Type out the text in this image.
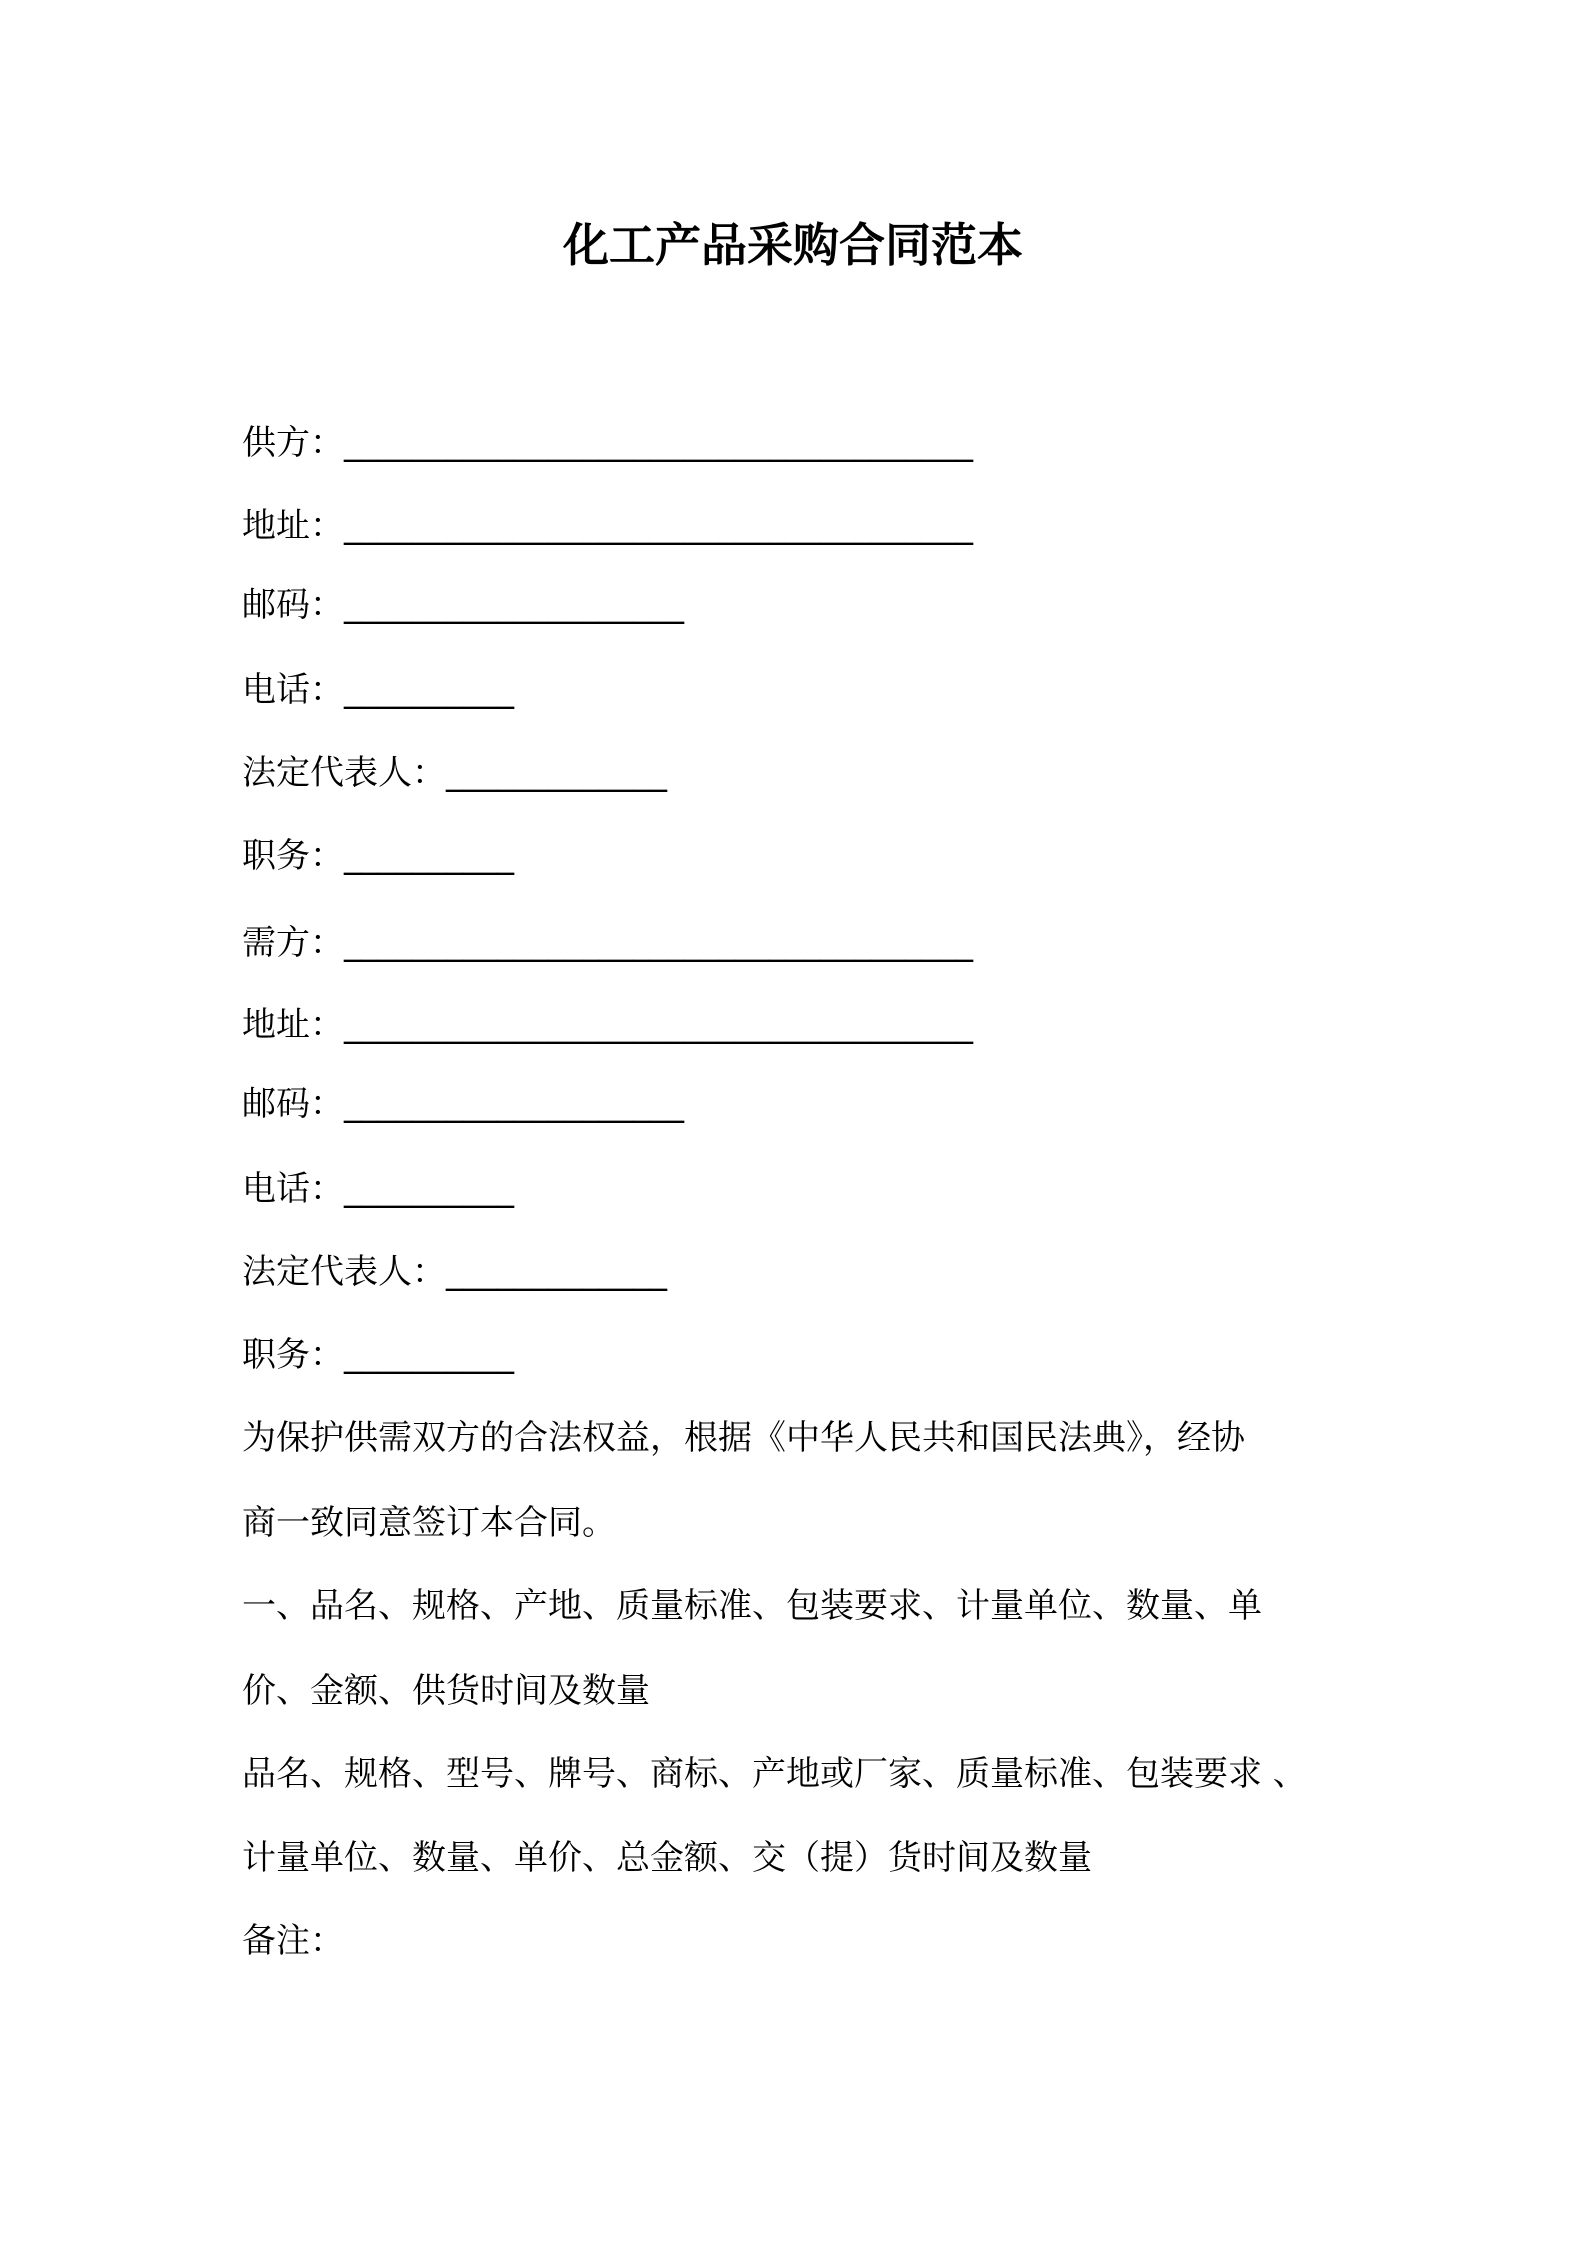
化工产品采购合同范本
供方：_____________________________________
地址：_____________________________________
邮码：____________________
电话：__________
法定代表人：_____________
职务：__________
需方：_____________________________________
地址：_____________________________________
邮码：____________________
电话：__________
法定代表人：_____________
职务：__________
为保护供需双方的合法权益，根据《中华人民共和国民法典》，经协
商一致同意签订本合同。
一、品名、规格、产地、质量标准、包装要求、计量单位、数量、单
价、金额、供货时间及数量
品名、规格、型号、牌号、商标、产地或厂家、质量标准、包装要求 、
计量单位、数量、单价、总金额、交（提）货时间及数量
备注：
